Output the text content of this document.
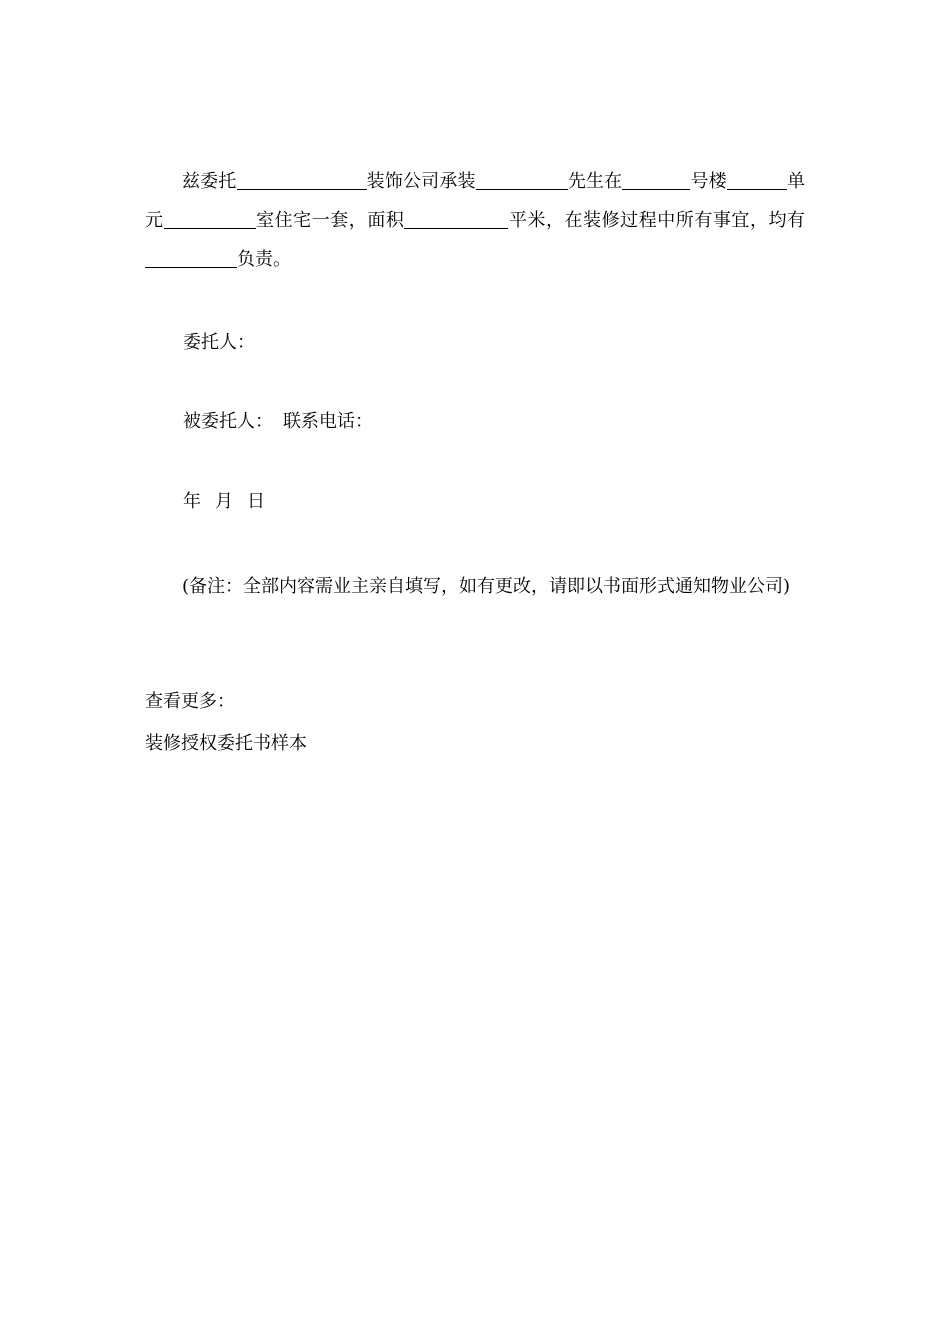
兹委托	装饰公司承装	先生在	号楼	单元	室住宅一套，面积	平米，在装修过程中所有事宜，均有负责。
委托人：
被委托人： 联系电话：
年 月 日
(备注：全部内容需业主亲自填写，如有更改，请即以书面形式通知物业公司)
查看更多：
装修授权委托书样本
